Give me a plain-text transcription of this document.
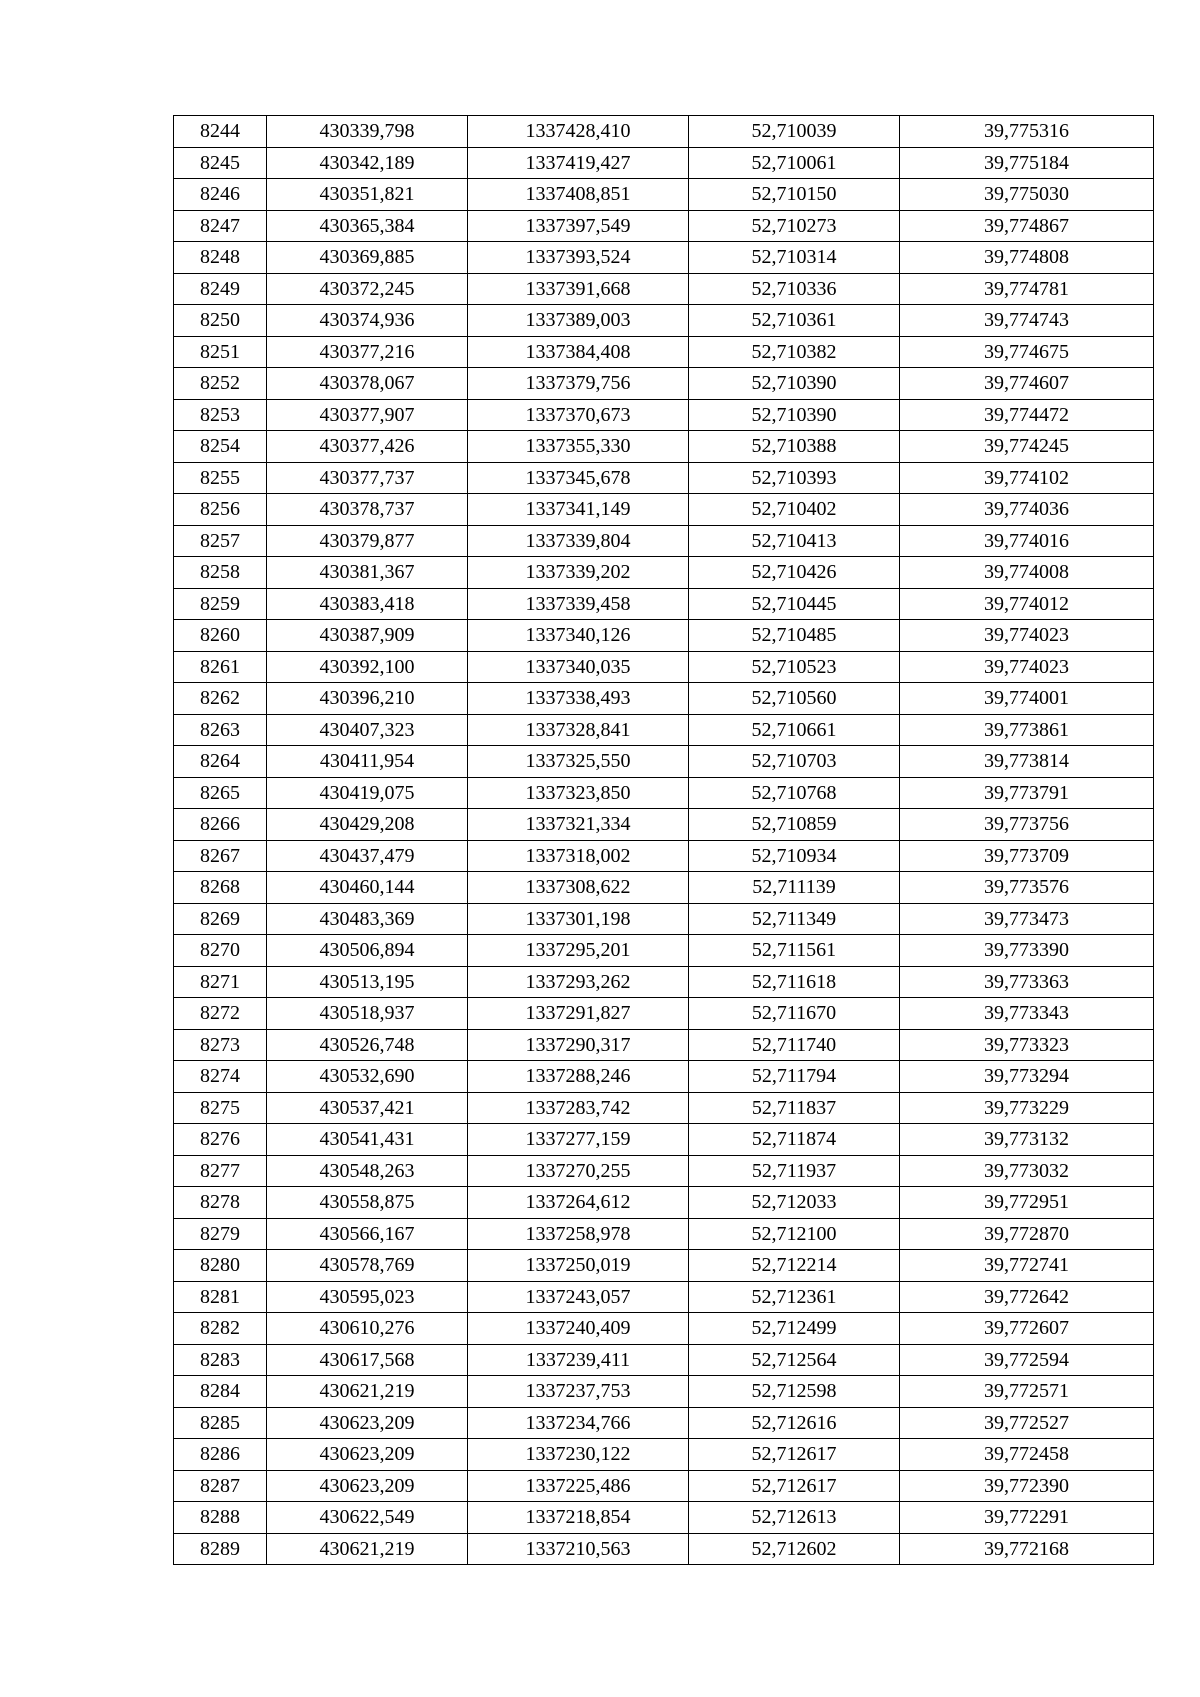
8244	430339,798	1337428,410	52,710039	39,775316
8245	430342,189	1337419,427	52,710061	39,775184
8246	430351,821	1337408,851	52,710150	39,775030
8247	430365,384	1337397,549	52,710273	39,774867
8248	430369,885	1337393,524	52,710314	39,774808
8249	430372,245	1337391,668	52,710336	39,774781
8250	430374,936	1337389,003	52,710361	39,774743
8251	430377,216	1337384,408	52,710382	39,774675
8252	430378,067	1337379,756	52,710390	39,774607
8253	430377,907	1337370,673	52,710390	39,774472
8254	430377,426	1337355,330	52,710388	39,774245
8255	430377,737	1337345,678	52,710393	39,774102
8256	430378,737	1337341,149	52,710402	39,774036
8257	430379,877	1337339,804	52,710413	39,774016
8258	430381,367	1337339,202	52,710426	39,774008
8259	430383,418	1337339,458	52,710445	39,774012
8260	430387,909	1337340,126	52,710485	39,774023
8261	430392,100	1337340,035	52,710523	39,774023
8262	430396,210	1337338,493	52,710560	39,774001
8263	430407,323	1337328,841	52,710661	39,773861
8264	430411,954	1337325,550	52,710703	39,773814
8265	430419,075	1337323,850	52,710768	39,773791
8266	430429,208	1337321,334	52,710859	39,773756
8267	430437,479	1337318,002	52,710934	39,773709
8268	430460,144	1337308,622	52,711139	39,773576
8269	430483,369	1337301,198	52,711349	39,773473
8270	430506,894	1337295,201	52,711561	39,773390
8271	430513,195	1337293,262	52,711618	39,773363
8272	430518,937	1337291,827	52,711670	39,773343
8273	430526,748	1337290,317	52,711740	39,773323
8274	430532,690	1337288,246	52,711794	39,773294
8275	430537,421	1337283,742	52,711837	39,773229
8276	430541,431	1337277,159	52,711874	39,773132
8277	430548,263	1337270,255	52,711937	39,773032
8278	430558,875	1337264,612	52,712033	39,772951
8279	430566,167	1337258,978	52,712100	39,772870
8280	430578,769	1337250,019	52,712214	39,772741
8281	430595,023	1337243,057	52,712361	39,772642
8282	430610,276	1337240,409	52,712499	39,772607
8283	430617,568	1337239,411	52,712564	39,772594
8284	430621,219	1337237,753	52,712598	39,772571
8285	430623,209	1337234,766	52,712616	39,772527
8286	430623,209	1337230,122	52,712617	39,772458
8287	430623,209	1337225,486	52,712617	39,772390
8288	430622,549	1337218,854	52,712613	39,772291
8289	430621,219	1337210,563	52,712602	39,772168
